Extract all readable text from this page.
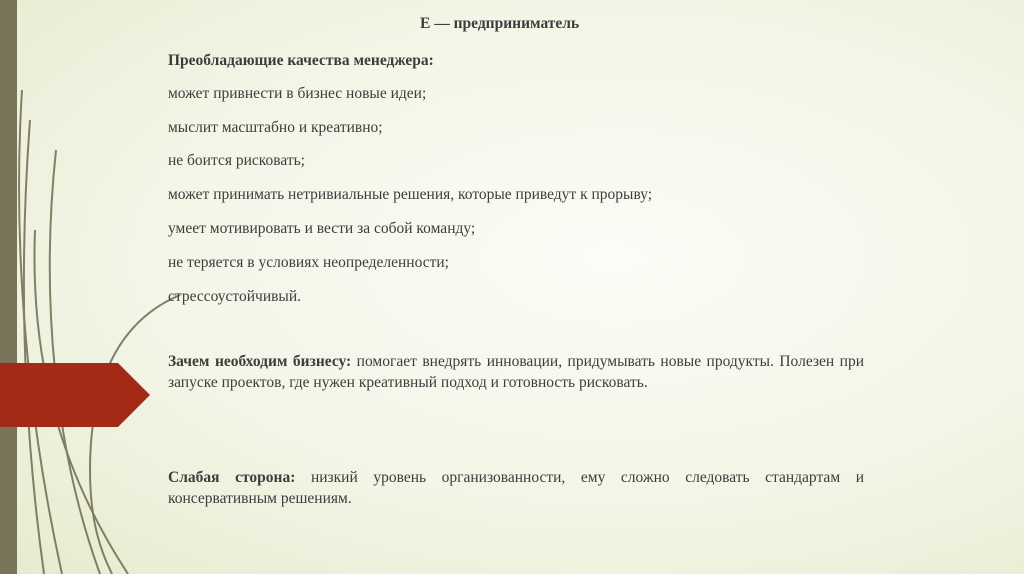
Е — предприниматель
Преобладающие качества менеджера:
может привнести в бизнес новые идеи;
мыслит масштабно и креативно;
не боится рисковать;
может принимать нетривиальные решения, которые приведут к прорыву;
умеет мотивировать и вести за собой команду;
не теряется в условиях неопределенности;
стрессоустойчивый.
Зачем необходим бизнесу: помогает внедрять инновации, придумывать новые продукты. Полезен при запуске проектов, где нужен креативный подход и готовность рисковать.
Слабая сторона: низкий уровень организованности, ему сложно следовать стандартам и консервативным решениям.
